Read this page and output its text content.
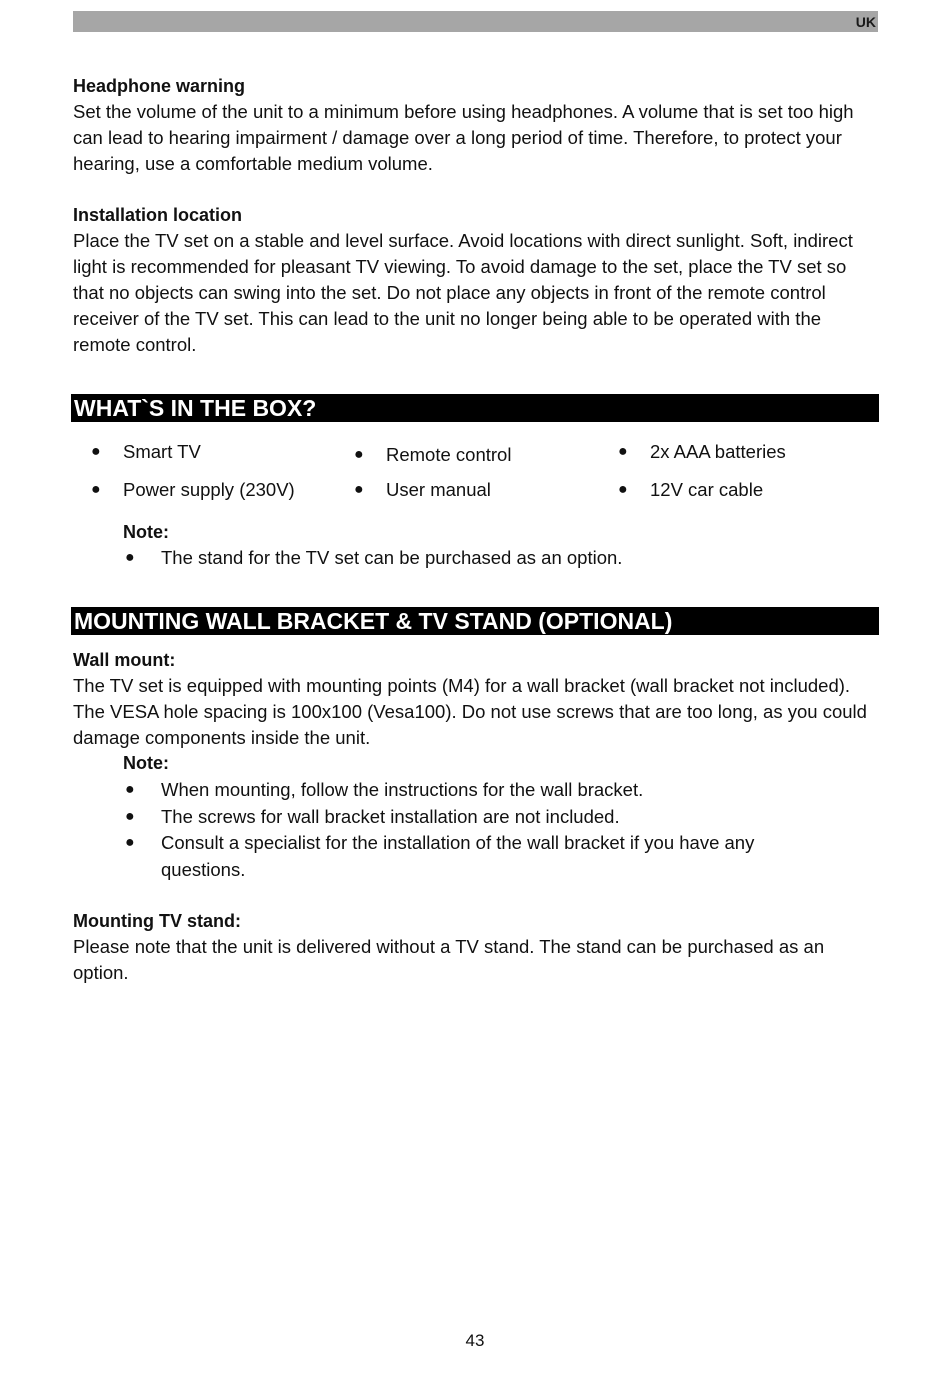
UK
Headphone warning
Set the volume of the unit to a minimum before using headphones. A volume that is set too high can lead to hearing impairment / damage over a long period of time. Therefore, to protect your hearing, use a comfortable medium volume.
Installation location
Place the TV set on a stable and level surface. Avoid locations with direct sunlight. Soft, indirect light is recommended for pleasant TV viewing. To avoid damage to the set, place the TV set so that no objects can swing into the set. Do not place any objects in front of the remote control receiver of the TV set. This can lead to the unit no longer being able to be operated with the remote control.
WHAT`S IN THE BOX?
● Smart TV	● Remote control	● 2x AAA batteries
● Power supply (230V)	● User manual	● 12V car cable
Note:
● The stand for the TV set can be purchased as an option.
MOUNTING WALL BRACKET & TV STAND (OPTIONAL)
Wall mount:
The TV set is equipped with mounting points (M4) for a wall bracket (wall bracket not included). The VESA hole spacing is 100x100 (Vesa100). Do not use screws that are too long, as you could damage components inside the unit.
Note:
● When mounting, follow the instructions for the wall bracket.
● The screws for wall bracket installation are not included.
● Consult a specialist for the installation of the wall bracket if you have any questions.
Mounting TV stand:
Please note that the unit is delivered without a TV stand. The stand can be purchased as an option.
43
